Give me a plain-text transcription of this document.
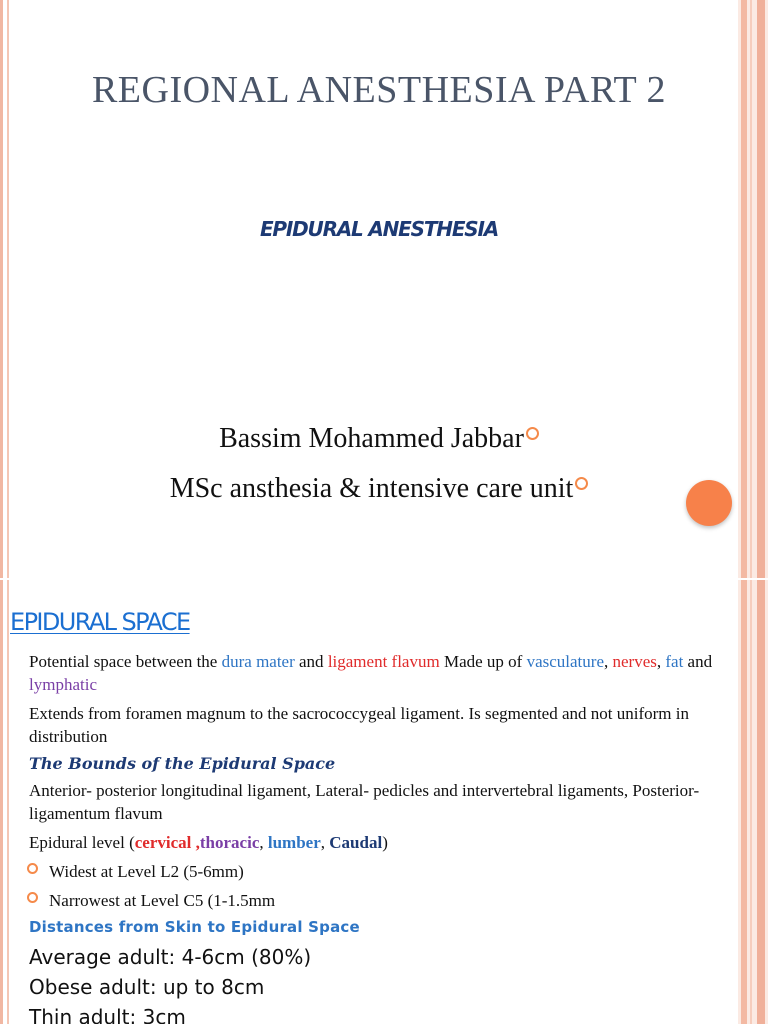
REGIONAL ANESTHESIA PART 2
EPIDURAL ANESTHESIA
Bassim Mohammed Jabbar
MSc ansthesia & intensive care unit
EPIDURAL SPACE

Potential space between the dura mater and ligament flavum Made up of vasculature, nerves, fat and lymphatic

Extends from foramen magnum to the sacrococcygeal ligament. Is segmented and not uniform in distribution

The Bounds of the Epidural Space

Anterior- posterior longitudinal ligament, Lateral- pedicles and intervertebral ligaments, Posterior- ligamentum flavum

Epidural level (cervical ,thoracic, lumber, Caudal)

Widest at Level L2 (5-6mm)
Narrowest at Level C5 (1-1.5mm

Distances from Skin to Epidural Space

Average adult: 4-6cm (80%)

Obese adult: up to 8cm

Thin adult: 3cm
